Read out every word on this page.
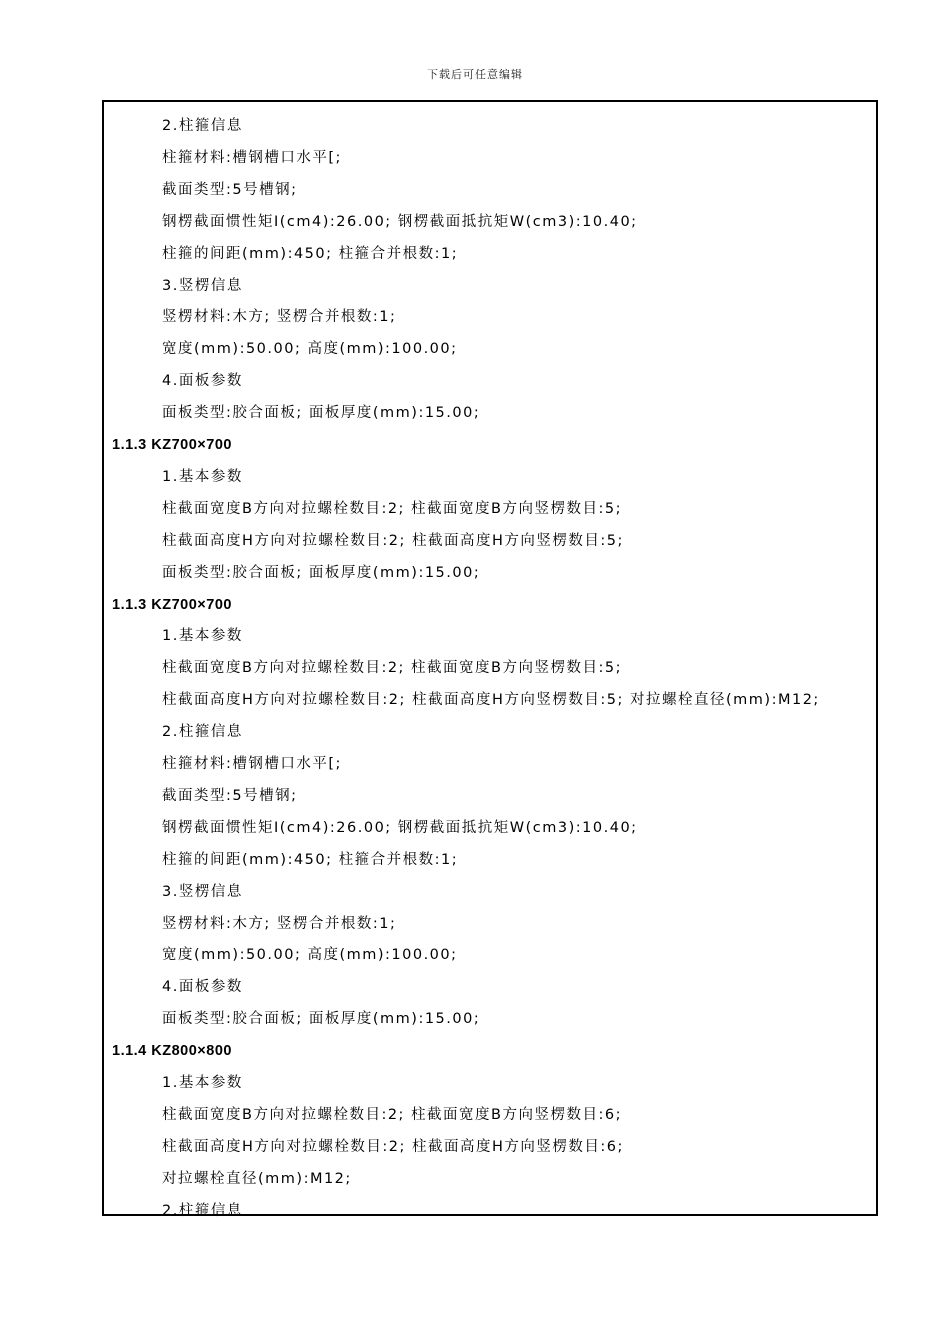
下载后可任意编辑
2.柱箍信息
柱箍材料:槽钢槽口水平[;
截面类型:5号槽钢;
钢楞截面惯性矩I(cm4):26.00; 钢楞截面抵抗矩W(cm3):10.40;
柱箍的间距(mm):450; 柱箍合并根数:1;
3.竖楞信息
竖楞材料:木方; 竖楞合并根数:1;
宽度(mm):50.00; 高度(mm):100.00;
4.面板参数
面板类型:胶合面板; 面板厚度(mm):15.00;
1.1.3 KZ700×700
1.基本参数
柱截面宽度B方向对拉螺栓数目:2; 柱截面宽度B方向竖楞数目:5;
柱截面高度H方向对拉螺栓数目:2; 柱截面高度H方向竖楞数目:5;
面板类型:胶合面板; 面板厚度(mm):15.00;
1.1.3 KZ700×700
1.基本参数
柱截面宽度B方向对拉螺栓数目:2; 柱截面宽度B方向竖楞数目:5;
柱截面高度H方向对拉螺栓数目:2; 柱截面高度H方向竖楞数目:5; 对拉螺栓直径(mm):M12;
2.柱箍信息
柱箍材料:槽钢槽口水平[;
截面类型:5号槽钢;
钢楞截面惯性矩I(cm4):26.00; 钢楞截面抵抗矩W(cm3):10.40;
柱箍的间距(mm):450; 柱箍合并根数:1;
3.竖楞信息
竖楞材料:木方; 竖楞合并根数:1;
宽度(mm):50.00; 高度(mm):100.00;
4.面板参数
面板类型:胶合面板; 面板厚度(mm):15.00;
1.1.4 KZ800×800
1.基本参数
柱截面宽度B方向对拉螺栓数目:2; 柱截面宽度B方向竖楞数目:6;
柱截面高度H方向对拉螺栓数目:2; 柱截面高度H方向竖楞数目:6;
对拉螺栓直径(mm):M12;
2.柱箍信息
